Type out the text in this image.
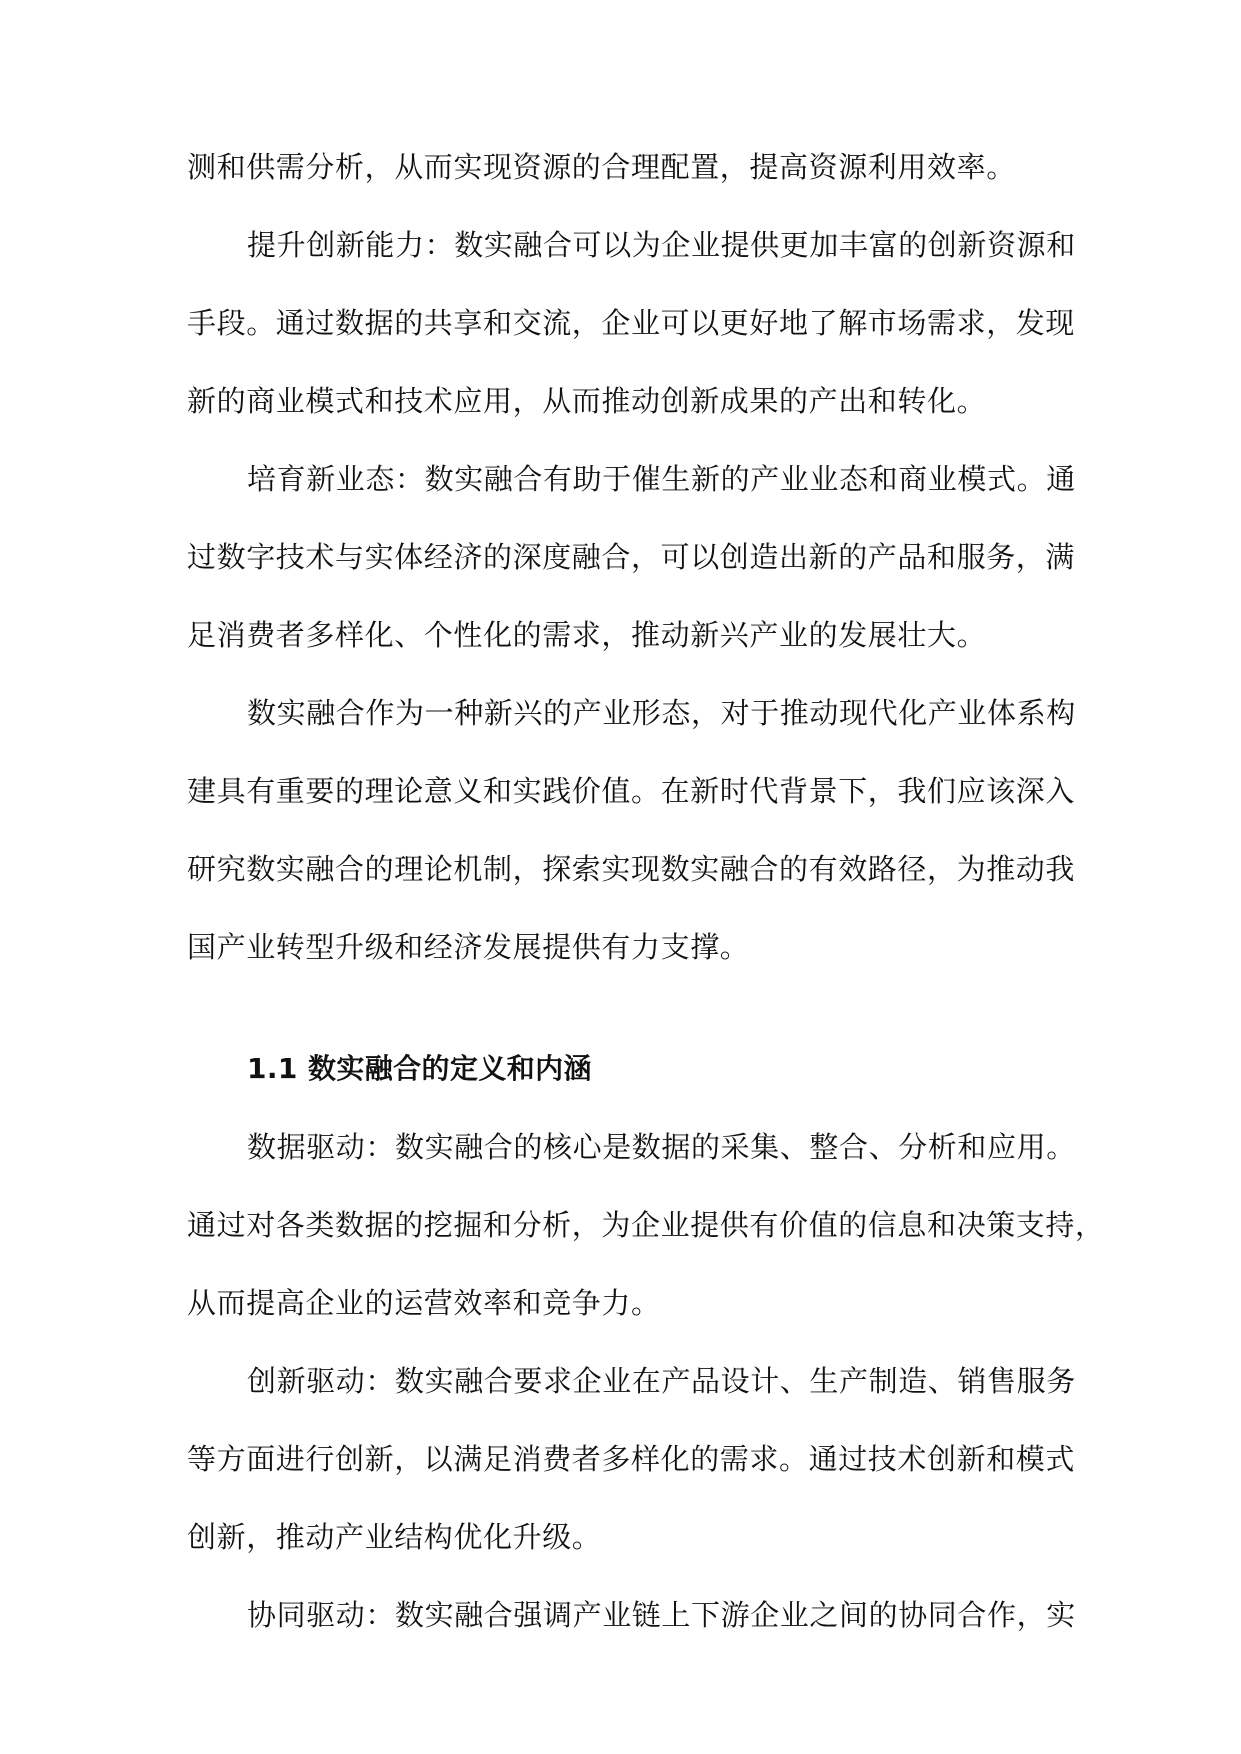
测和供需分析，从而实现资源的合理配置，提高资源利用效率。
提升创新能力：数实融合可以为企业提供更加丰富的创新资源和
手段。通过数据的共享和交流，企业可以更好地了解市场需求，发现
新的商业模式和技术应用，从而推动创新成果的产出和转化。
培育新业态：数实融合有助于催生新的产业业态和商业模式。通
过数字技术与实体经济的深度融合，可以创造出新的产品和服务，满
足消费者多样化、个性化的需求，推动新兴产业的发展壮大。
数实融合作为一种新兴的产业形态，对于推动现代化产业体系构
建具有重要的理论意义和实践价值。在新时代背景下，我们应该深入
研究数实融合的理论机制，探索实现数实融合的有效路径，为推动我
国产业转型升级和经济发展提供有力支撑。
1.1 数实融合的定义和内涵
数据驱动：数实融合的核心是数据的采集、整合、分析和应用。
通过对各类数据的挖掘和分析，为企业提供有价值的信息和决策支持，
从而提高企业的运营效率和竞争力。
创新驱动：数实融合要求企业在产品设计、生产制造、销售服务
等方面进行创新，以满足消费者多样化的需求。通过技术创新和模式
创新，推动产业结构优化升级。
协同驱动：数实融合强调产业链上下游企业之间的协同合作，实
